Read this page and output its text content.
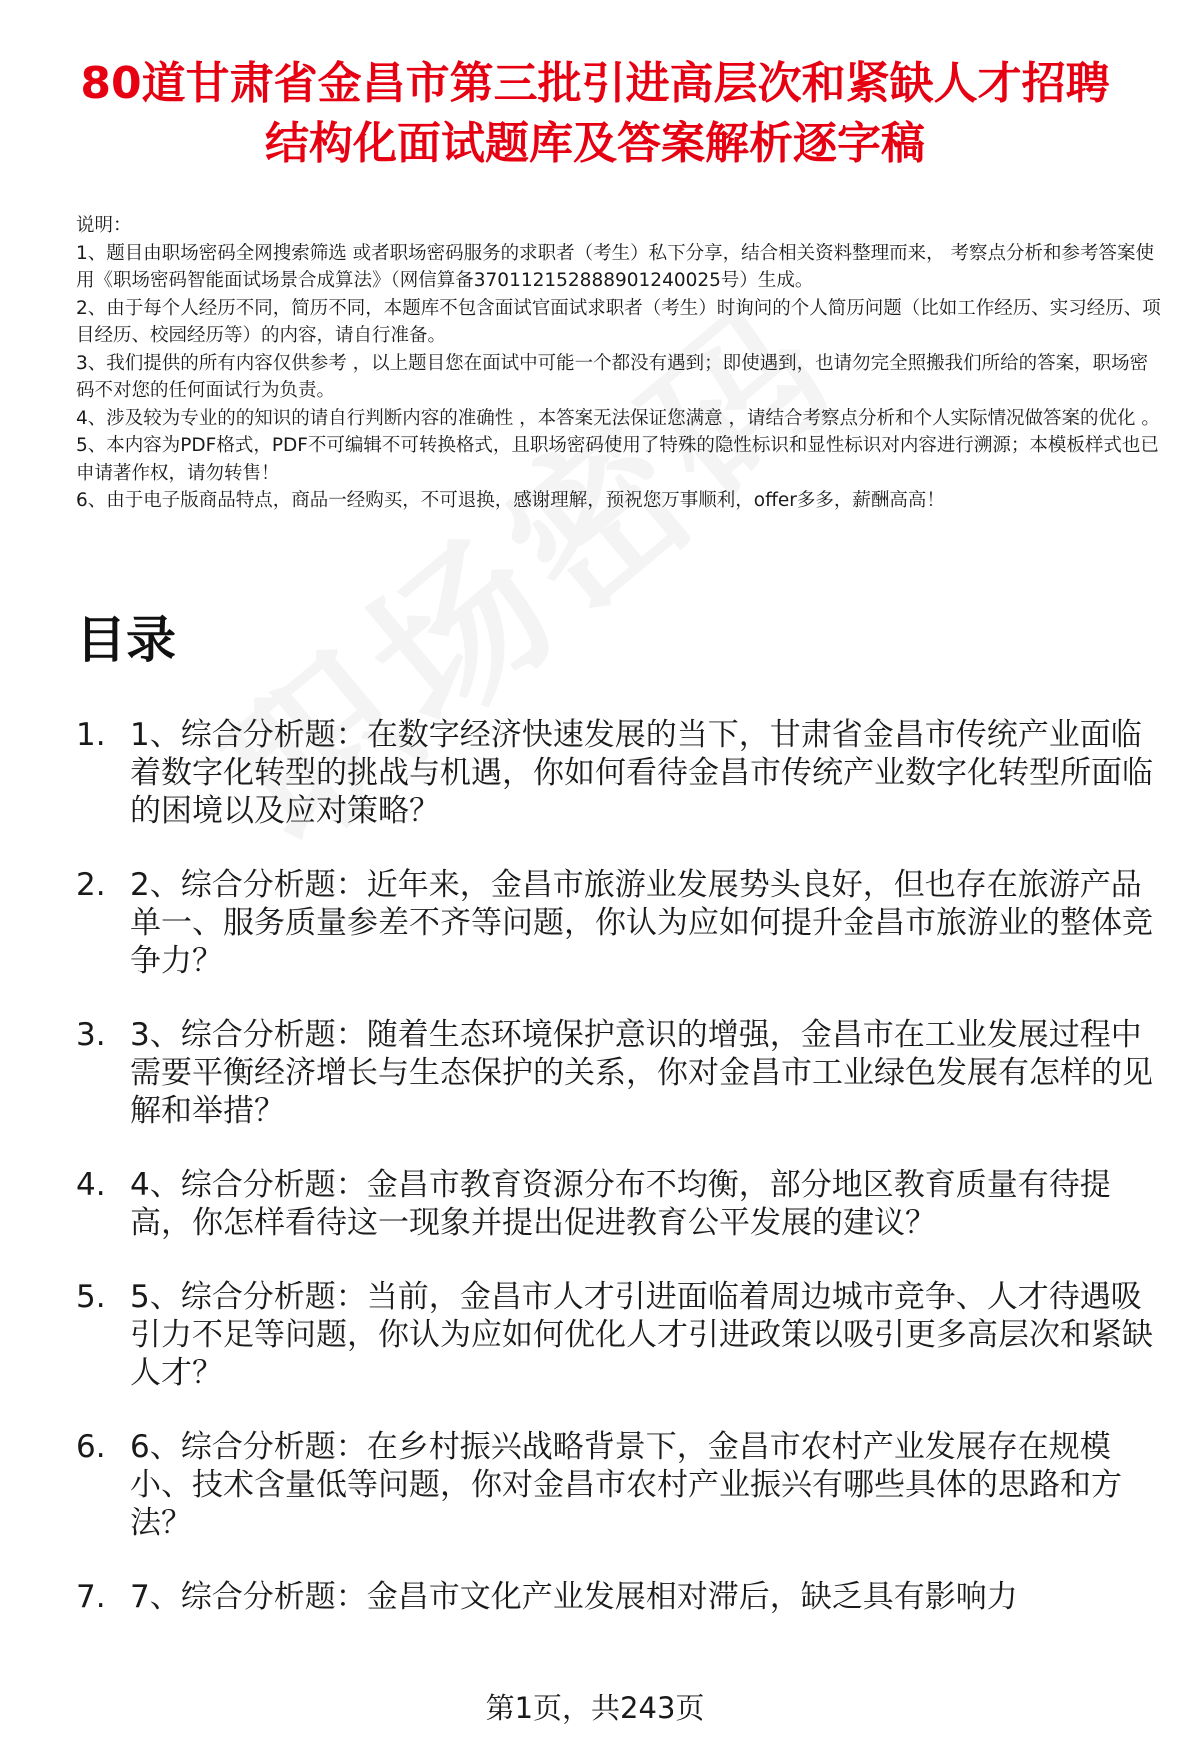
80道甘肃省金昌市第三批引进高层次和紧缺人才招聘结构化面试题库及答案解析逐字稿

说明：

1、题目由职场密码全网搜索筛选 或者职场密码服务的求职者（考生）私下分享，结合相关资料整理而来， 考察点分析和参考答案使用《职场密码智能面试场景合成算法》（网信算备370112152888901240025号）生成。

2、由于每个人经历不同，简历不同，本题库不包含面试官面试求职者（考生）时询问的个人简历问题（比如工作经历、实习经历、项目经历、校园经历等）的内容，请自行准备。

3、我们提供的所有内容仅供参考 ，以上题目您在面试中可能一个都没有遇到；即使遇到，也请勿完全照搬我们所给的答案，职场密码不对您的任何面试行为负责。

4、涉及较为专业的的知识的请自行判断内容的准确性 ，本答案无法保证您满意 ，请结合考察点分析和个人实际情况做答案的优化 。

5、本内容为PDF格式，PDF不可编辑不可转换格式，且职场密码使用了特殊的隐性标识和显性标识对内容进行溯源；本模板样式也已申请著作权，请勿转售！

6、由于电子版商品特点，商品一经购买，不可退换，感谢理解，预祝您万事顺利，offer多多，薪酬高高！

目录
1. 1、综合分析题：在数字经济快速发展的当下，甘肃省金昌市传统产业面临着数字化转型的挑战与机遇，你如何看待金昌市传统产业数字化转型所面临的困境以及应对策略？
2. 2、综合分析题：近年来，金昌市旅游业发展势头良好，但也存在旅游产品单一、服务质量参差不齐等问题，你认为应如何提升金昌市旅游业的整体竞争力？
3. 3、综合分析题：随着生态环境保护意识的增强，金昌市在工业发展过程中需要平衡经济增长与生态保护的关系，你对金昌市工业绿色发展有怎样的见解和举措？
4. 4、综合分析题：金昌市教育资源分布不均衡，部分地区教育质量有待提高，你怎样看待这一现象并提出促进教育公平发展的建议？
5. 5、综合分析题：当前，金昌市人才引进面临着周边城市竞争、人才待遇吸引力不足等问题，你认为应如何优化人才引进政策以吸引更多高层次和紧缺人才？
6. 6、综合分析题：在乡村振兴战略背景下，金昌市农村产业发展存在规模小、技术含量低等问题，你对金昌市农村产业振兴有哪些具体的思路和方法？
7. 7、综合分析题：金昌市文化产业发展相对滞后，缺乏具有影响力
第1页，共243页
